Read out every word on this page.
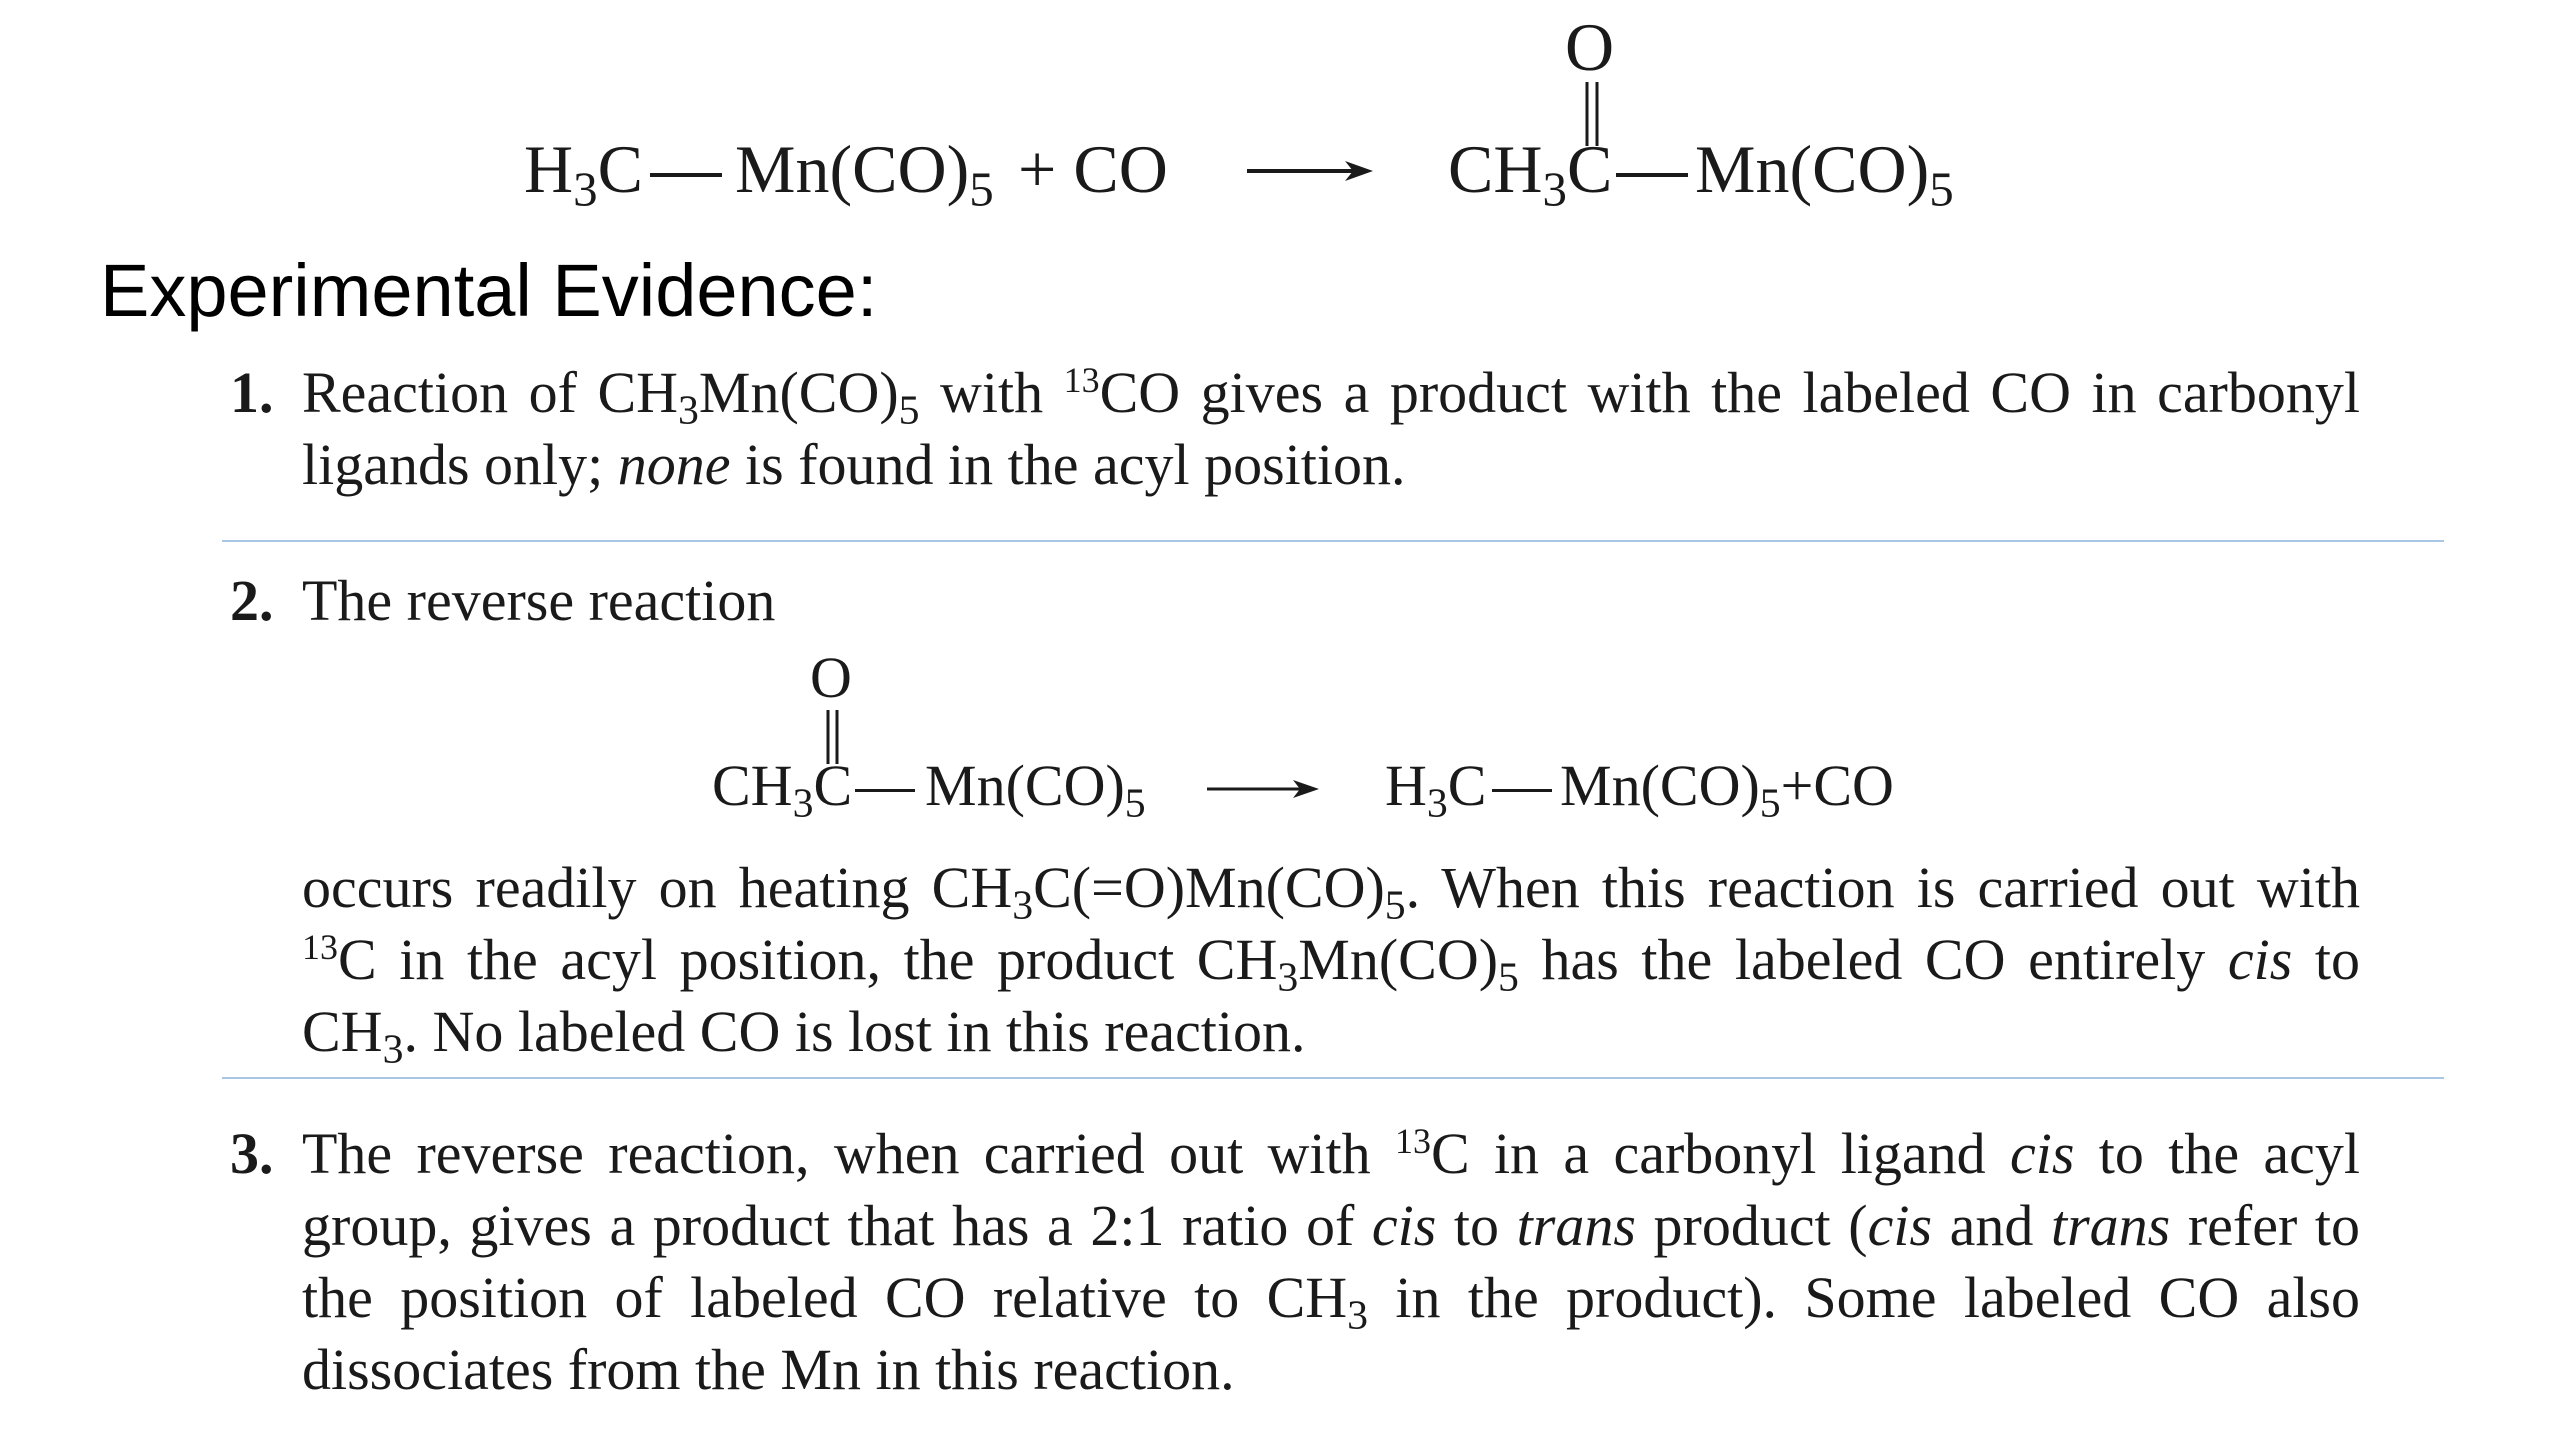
$H_3C$ $Mn(CO)_5$ + CO	$CH_3C$
O
$Mn(CO)_5$
Experimental Evidence:
1. Reaction of $CH_3Mn(CO)_5$ with $^{13}$CO gives a product with the labeled CO in carbonyl ligands only; none is found in the acyl position.
2. The reverse reaction
O
$CH_3C$ $Mn(CO)_5$	$H_3C$ $Mn(CO)_5+CO$
occurs readily on heating $CH_3C(=O)Mn(CO)_5$. When this reaction is carried out with $^{13}$C in the acyl position, the product $CH_3Mn(CO)_5$ has the labeled CO entirely cis to $CH_3$. No labeled CO is lost in this reaction.
3. The reverse reaction, when carried out with $^{13}$C in a carbonyl ligand cis to the acyl group, gives a product that has a 2:1 ratio of cis to trans product (cis and trans refer to the position of labeled CO relative to $CH_3$ in the product). Some labeled CO also dissociates from the Mn in this reaction.
